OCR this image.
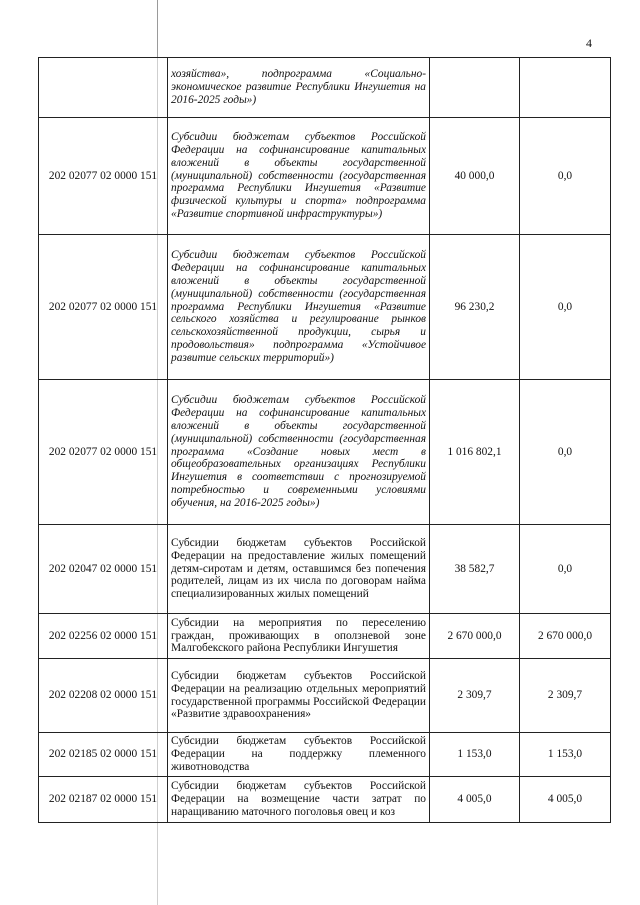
4
	хозяйства», подпрограмма «Социально-экономическое развитие Республики Ингушетия на 2016-2025 годы»)		
202 02077 02 0000 151	Субсидии бюджетам субъектов Российской Федерации на софинансирование капитальных вложений в объекты государственной (муниципальной) собственности (государственная программа Республики Ингушетия «Развитие физической культуры и спорта» подпрограмма «Развитие спортивной инфраструктуры»)	40 000,0	0,0
202 02077 02 0000 151	Субсидии бюджетам субъектов Российской Федерации на софинансирование капитальных вложений в объекты государственной (муниципальной) собственности (государственная программа Республики Ингушетия «Развитие сельского хозяйства и регулирование рынков сельскохозяйственной продукции, сырья и продовольствия» подпрограмма «Устойчивое развитие сельских территорий»)	96 230,2	0,0
202 02077 02 0000 151	Субсидии бюджетам субъектов Российской Федерации на софинансирование капитальных вложений в объекты государственной (муниципальной) собственности (государственная программа «Создание новых мест в общеобразовательных организациях Республики Ингушетия в соответствии с прогнозируемой потребностью и современными условиями обучения, на 2016-2025 годы»)	1 016 802,1	0,0
202 02047 02 0000 151	Субсидии бюджетам субъектов Российской Федерации на предоставление жилых помещений детям-сиротам и детям, оставшимся без попечения родителей, лицам из их числа по договорам найма специализированных жилых помещений	38 582,7	0,0
202 02256 02 0000 151	Субсидии на мероприятия по переселению граждан, проживающих в оползневой зоне Малгобекского района Республики Ингушетия	2 670 000,0	2 670 000,0
202 02208 02 0000 151	Субсидии бюджетам субъектов Российской Федерации на реализацию отдельных мероприятий государственной программы Российской Федерации «Развитие здравоохранения»	2 309,7	2 309,7
202 02185 02 0000 151	Субсидии бюджетам субъектов Российской Федерации на поддержку племенного животноводства	1 153,0	1 153,0
202 02187 02 0000 151	Субсидии бюджетам субъектов Российской Федерации на возмещение части затрат по наращиванию маточного поголовья овец и коз	4 005,0	4 005,0
